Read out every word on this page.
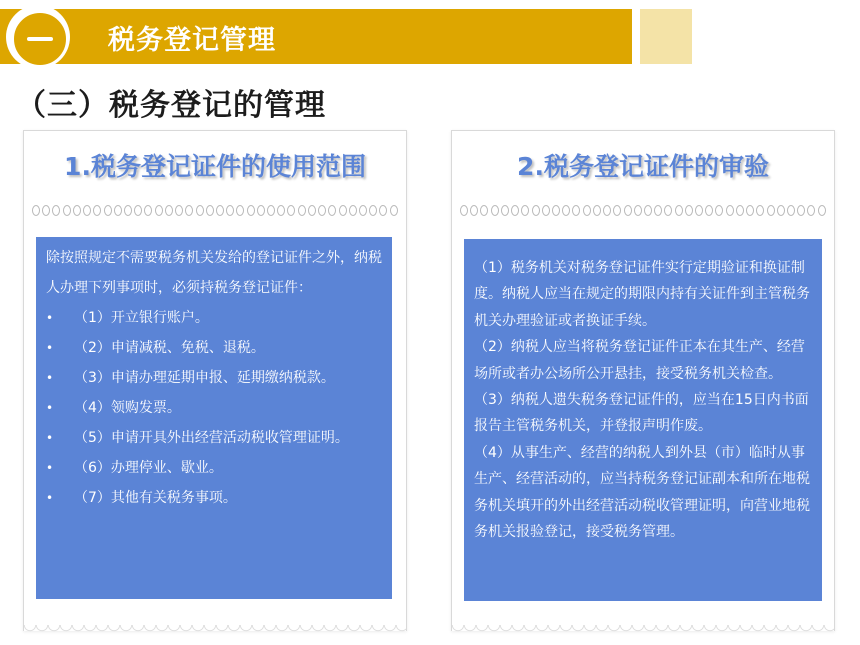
税务登记管理
（三）税务登记的管理
1.税务登记证件的使用范围
除按照规定不需要税务机关发给的登记证件之外，纳税人办理下列事项时，必须持税务登记证件：
• （1）开立银行账户。
• （2）申请减税、免税、退税。
• （3）申请办理延期申报、延期缴纳税款。
• （4）领购发票。
• （5）申请开具外出经营活动税收管理证明。
• （6）办理停业、歇业。
• （7）其他有关税务事项。
2.税务登记证件的审验
（1）税务机关对税务登记证件实行定期验证和换证制度。纳税人应当在规定的期限内持有关证件到主管税务机关办理验证或者换证手续。
（2）纳税人应当将税务登记证件正本在其生产、经营场所或者办公场所公开悬挂，接受税务机关检查。
（3）纳税人遗失税务登记证件的，应当在15日内书面报告主管税务机关，并登报声明作废。
（4）从事生产、经营的纳税人到外县（市）临时从事生产、经营活动的，应当持税务登记证副本和所在地税务机关填开的外出经营活动税收管理证明，向营业地税务机关报验登记，接受税务管理。
